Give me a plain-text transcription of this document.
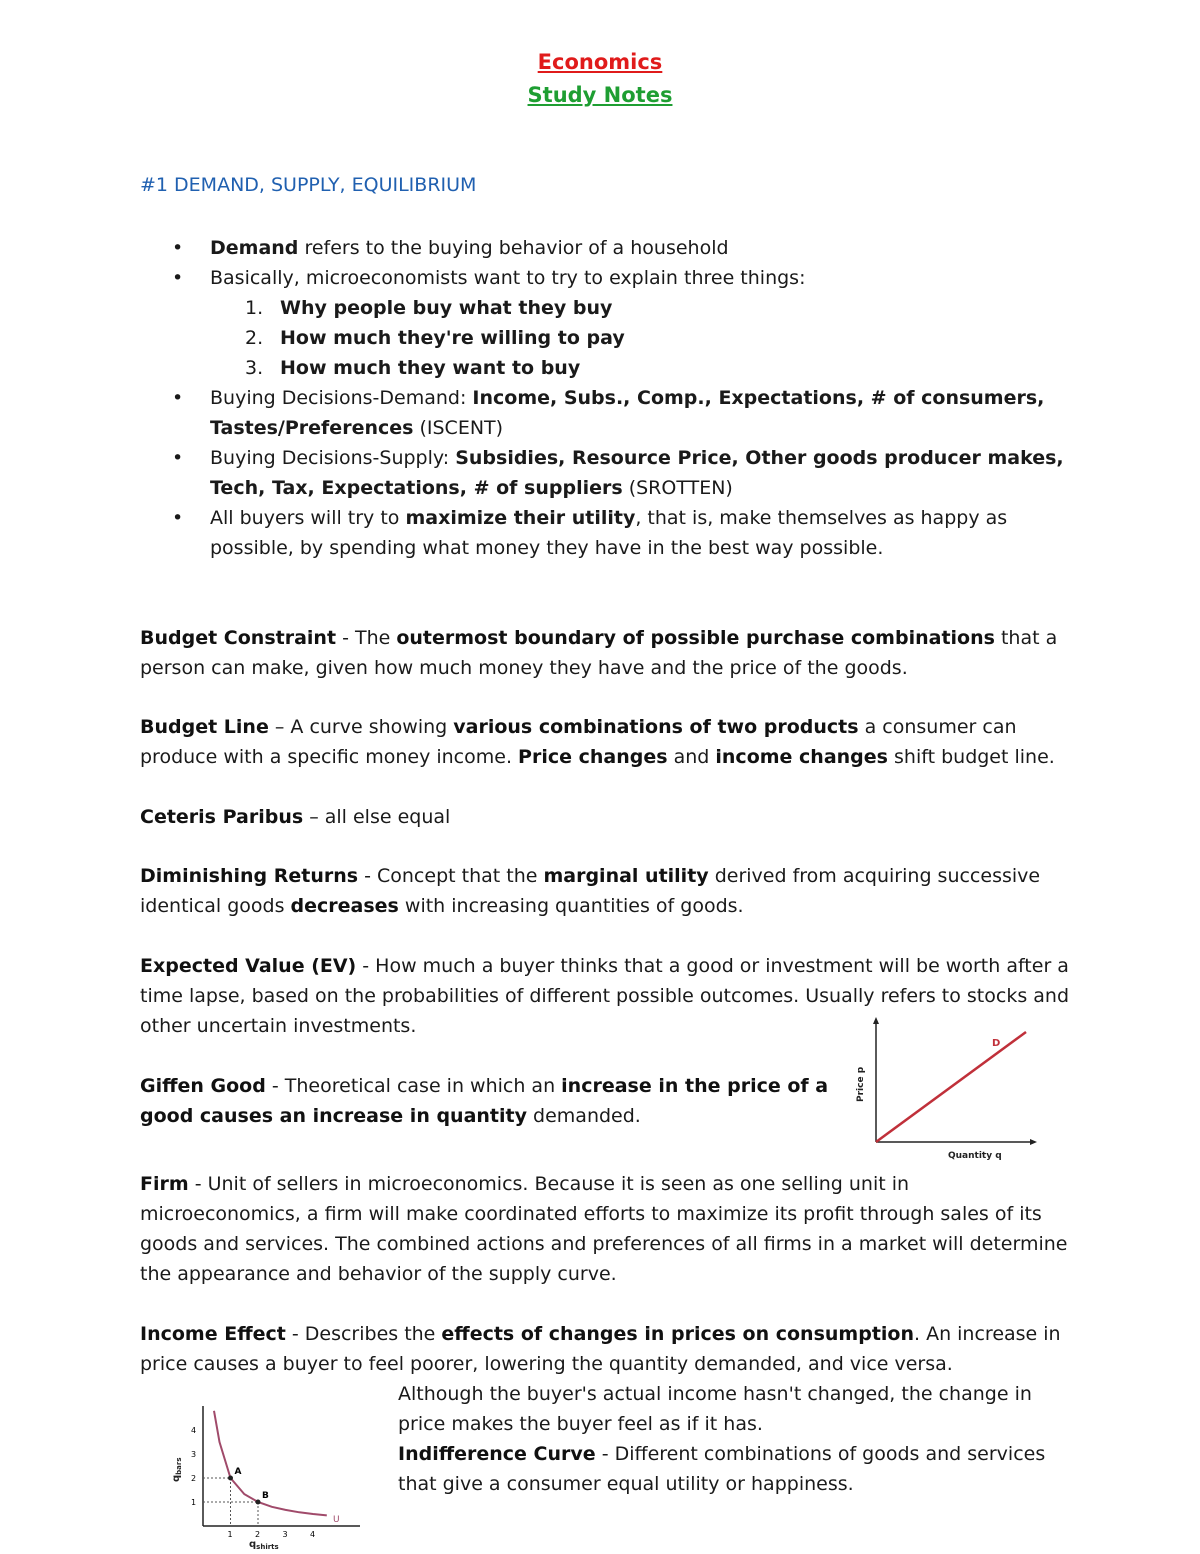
Economics
Study Notes
#1 DEMAND, SUPPLY, EQUILIBRIUM
• Demand refers to the buying behavior of a household
• Basically, microeconomists want to try to explain three things:
1. Why people buy what they buy
2. How much they're willing to pay
3. How much they want to buy
• Buying Decisions-Demand: Income, Subs., Comp., Expectations, # of consumers, Tastes/Preferences (ISCENT)
• Buying Decisions-Supply: Subsidies, Resource Price, Other goods producer makes, Tech, Tax, Expectations, # of suppliers (SROTTEN)
• All buyers will try to maximize their utility, that is, make themselves as happy as possible, by spending what money they have in the best way possible.
Budget Constraint - The outermost boundary of possible purchase combinations that a person can make, given how much money they have and the price of the goods.
Budget Line – A curve showing various combinations of two products a consumer can produce with a specific money income. Price changes and income changes shift budget line.
Ceteris Paribus – all else equal
Diminishing Returns - Concept that the marginal utility derived from acquiring successive identical goods decreases with increasing quantities of goods.
Expected Value (EV) - How much a buyer thinks that a good or investment will be worth after a time lapse, based on the probabilities of different possible outcomes. Usually refers to stocks and other uncertain investments.
Giffen Good - Theoretical case in which an increase in the price of a good causes an increase in quantity demanded.
D
Quantity q
Price p
Firm - Unit of sellers in microeconomics. Because it is seen as one selling unit in microeconomics, a firm will make coordinated efforts to maximize its profit through sales of its goods and services. The combined actions and preferences of all firms in a market will determine the appearance and behavior of the supply curve.
Income Effect - Describes the effects of changes in prices on consumption. An increase in price causes a buyer to feel poorer, lowering the quantity demanded, and vice versa.
Although the buyer's actual income hasn't changed, the change in price makes the buyer feel as if it has.
Indifference Curve - Different combinations of goods and services that give a consumer equal utility or happiness.
1	2	3	4
1
2
3
4
A
B
U
$q_{shirts}$
$q_{bars}$
